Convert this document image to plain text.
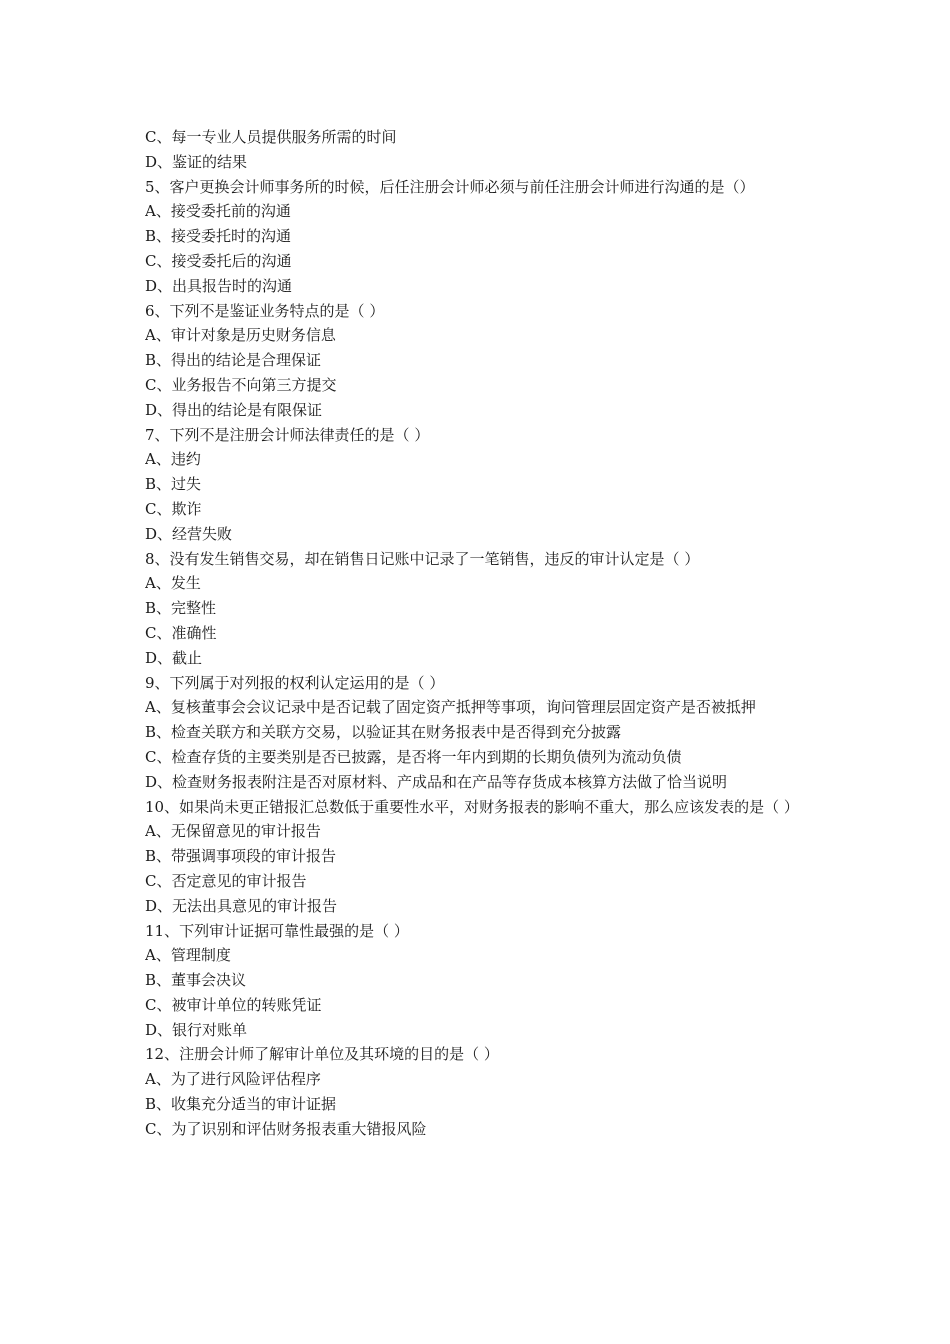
C、每一专业人员提供服务所需的时间
D、鉴证的结果
5、客户更换会计师事务所的时候，后任注册会计师必须与前任注册会计师进行沟通的是（）
A、接受委托前的沟通
B、接受委托时的沟通
C、接受委托后的沟通
D、出具报告时的沟通
6、下列不是鉴证业务特点的是（ ）
A、审计对象是历史财务信息
B、得出的结论是合理保证
C、业务报告不向第三方提交
D、得出的结论是有限保证
7、下列不是注册会计师法律责任的是（ ）
A、违约
B、过失
C、欺诈
D、经营失败
8、没有发生销售交易，却在销售日记账中记录了一笔销售，违反的审计认定是（ ）
A、发生
B、完整性
C、准确性
D、截止
9、下列属于对列报的权利认定运用的是（ ）
A、复核董事会会议记录中是否记载了固定资产抵押等事项，询问管理层固定资产是否被抵押
B、检查关联方和关联方交易，以验证其在财务报表中是否得到充分披露
C、检查存货的主要类别是否已披露，是否将一年内到期的长期负债列为流动负债
D、检查财务报表附注是否对原材料、产成品和在产品等存货成本核算方法做了恰当说明
10、如果尚未更正错报汇总数低于重要性水平，对财务报表的影响不重大，那么应该发表的是（ ）
A、无保留意见的审计报告
B、带强调事项段的审计报告
C、否定意见的审计报告
D、无法出具意见的审计报告
11、下列审计证据可靠性最强的是（ ）
A、管理制度
B、董事会决议
C、被审计单位的转账凭证
D、银行对账单
12、注册会计师了解审计单位及其环境的目的是（ ）
A、为了进行风险评估程序
B、收集充分适当的审计证据
C、为了识别和评估财务报表重大错报风险
